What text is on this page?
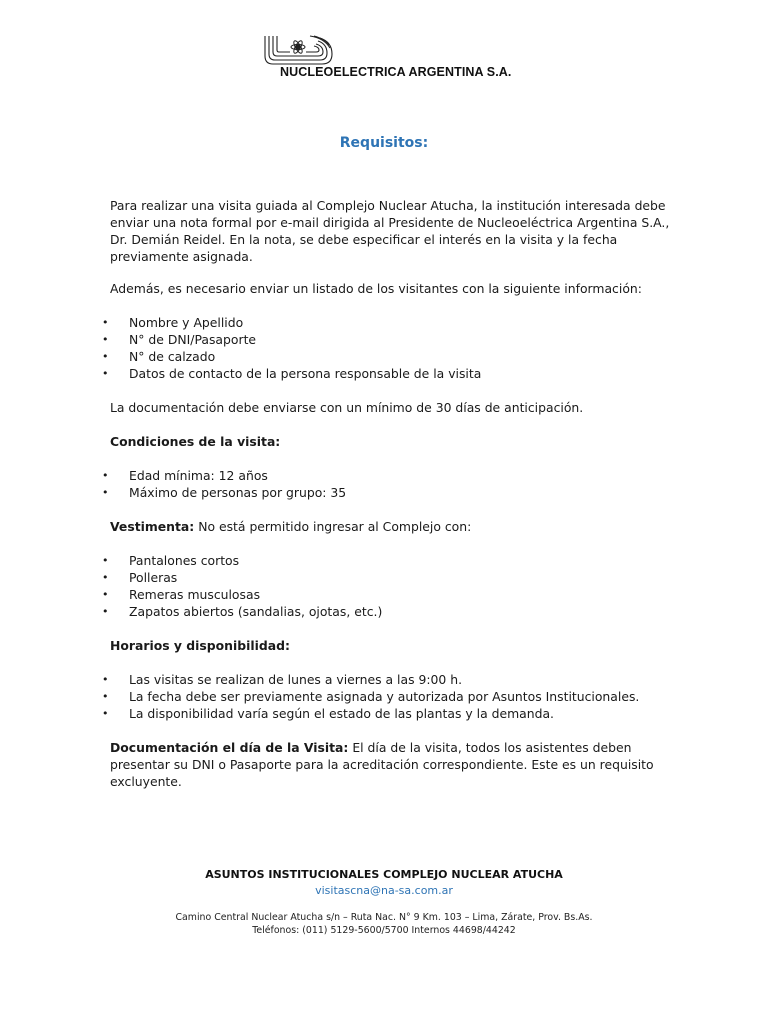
NUCLEOELECTRICA ARGENTINA S.A.
Requisitos:

Para realizar una visita guiada al Complejo Nuclear Atucha, la institución interesada debe enviar una nota formal por e-mail dirigida al Presidente de Nucleoeléctrica Argentina S.A., Dr. Demián Reidel. En la nota, se debe especificar el interés en la visita y la fecha previamente asignada.

Además, es necesario enviar un listado de los visitantes con la siguiente información:

• Nombre y Apellido
• N° de DNI/Pasaporte
• N° de calzado
• Datos de contacto de la persona responsable de la visita

La documentación debe enviarse con un mínimo de 30 días de anticipación.

Condiciones de la visita:

• Edad mínima: 12 años
• Máximo de personas por grupo: 35

Vestimenta: No está permitido ingresar al Complejo con:

• Pantalones cortos
• Polleras
• Remeras musculosas
• Zapatos abiertos (sandalias, ojotas, etc.)

Horarios y disponibilidad:

• Las visitas se realizan de lunes a viernes a las 9:00 h.
• La fecha debe ser previamente asignada y autorizada por Asuntos Institucionales.
• La disponibilidad varía según el estado de las plantas y la demanda.

Documentación el día de la Visita: El día de la visita, todos los asistentes deben presentar su DNI o Pasaporte para la acreditación correspondiente. Este es un requisito excluyente.

ASUNTOS INSTITUCIONALES COMPLEJO NUCLEAR ATUCHA
visitascna@na-sa.com.ar
Camino Central Nuclear Atucha s/n – Ruta Nac. N° 9 Km. 103 – Lima, Zárate, Prov. Bs.As.
Teléfonos: (011) 5129-5600/5700 Internos 44698/44242
